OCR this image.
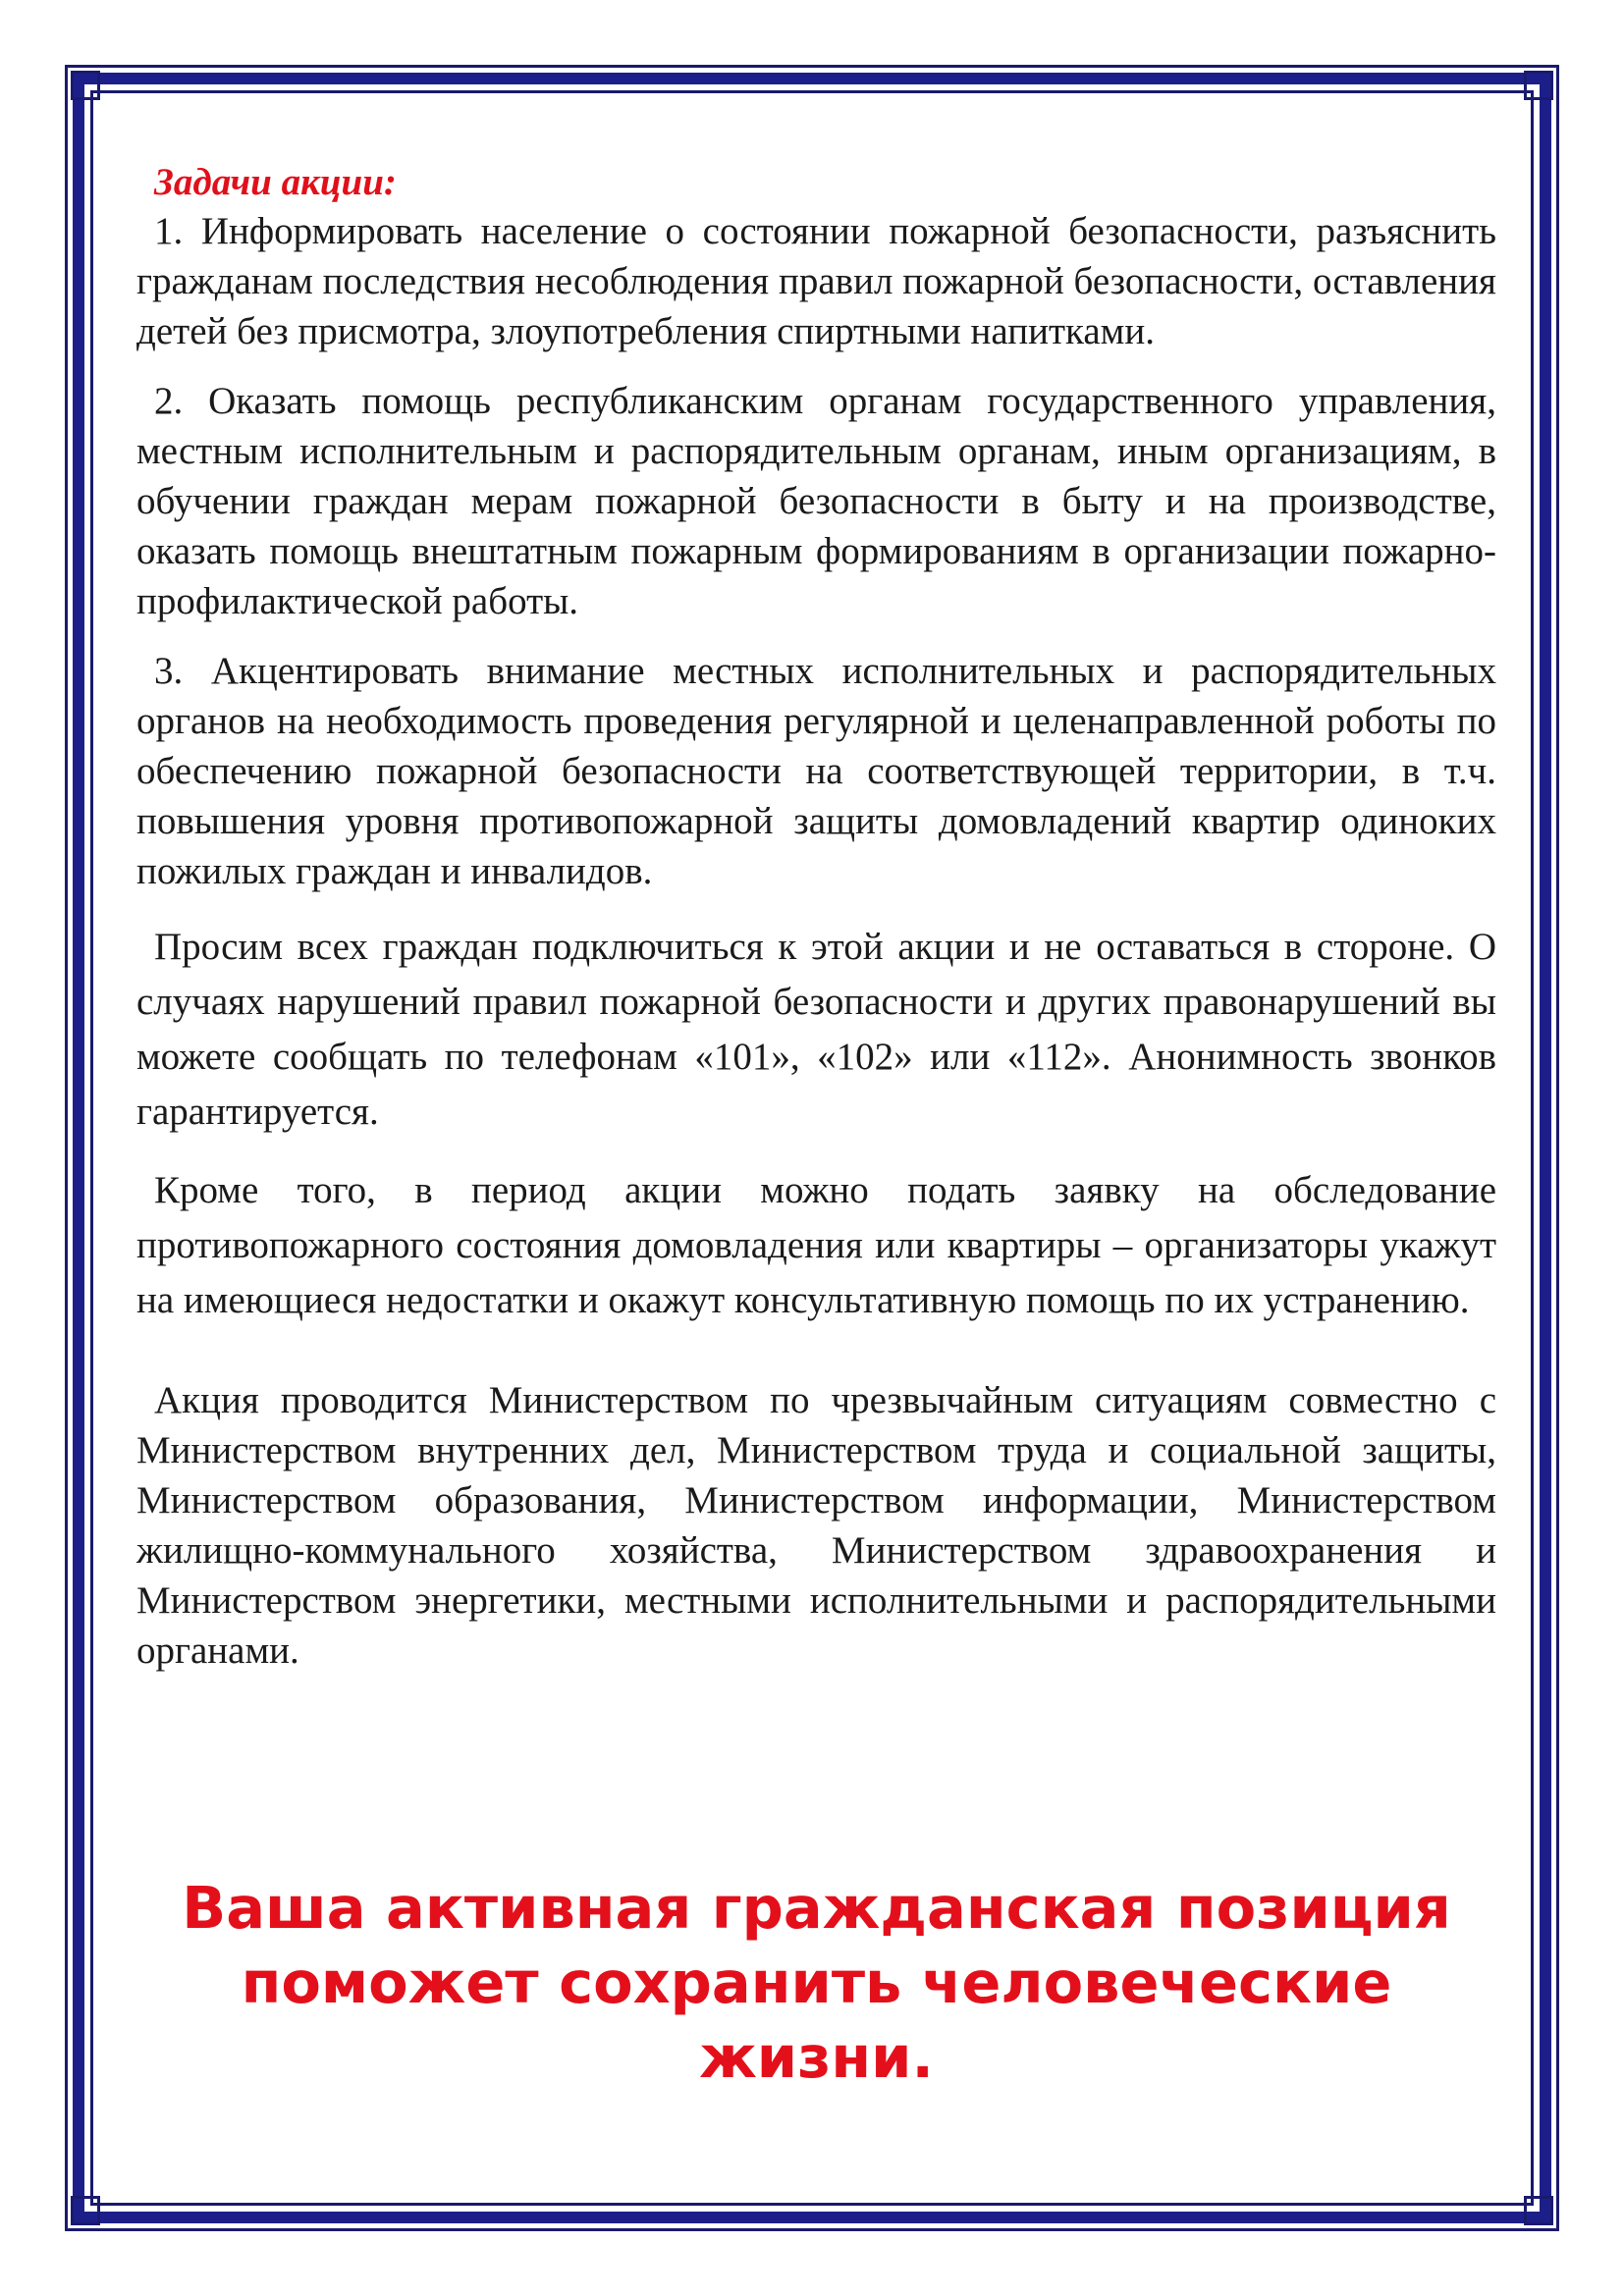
Задачи акции:

1. Информировать население о состоянии пожарной безопасности, разъяснить гражданам последствия несоблюдения правил пожарной безопасности, оставления детей без присмотра, злоупотребления спиртными напитками.

2. Оказать помощь республиканским органам государственного управления, местным исполнительным и распорядительным органам, иным организациям, в обучении граждан мерам пожарной безопасности в быту и на производстве, оказать помощь внештатным пожарным формированиям в организации пожарно-профилактической работы.

3. Акцентировать внимание местных исполнительных и распорядительных органов на необходимость проведения регулярной и целенаправленной роботы по обеспечению пожарной безопасности на соответствующей территории, в т.ч. повышения уровня противопожарной защиты домовладений квартир одиноких пожилых граждан и инвалидов.

Просим всех граждан подключиться к этой акции и не оставаться в стороне. О случаях нарушений правил пожарной безопасности и других правонарушений вы можете сообщать по телефонам «101», «102» или «112». Анонимность звонков гарантируется.

Кроме того, в период акции можно подать заявку на обследование противопожарного состояния домовладения или квартиры – организаторы укажут на имеющиеся недостатки и окажут консультативную помощь по их устранению.

Акция проводится Министерством по чрезвычайным ситуациям совместно с Министерством внутренних дел, Министерством труда и социальной защиты, Министерством образования, Министерством информации, Министерством жилищно-коммунального хозяйства, Министерством здравоохранения и Министерством энергетики, местными исполнительными и распорядительными органами.

Ваша активная гражданская позиция
поможет сохранить человеческие жизни.
